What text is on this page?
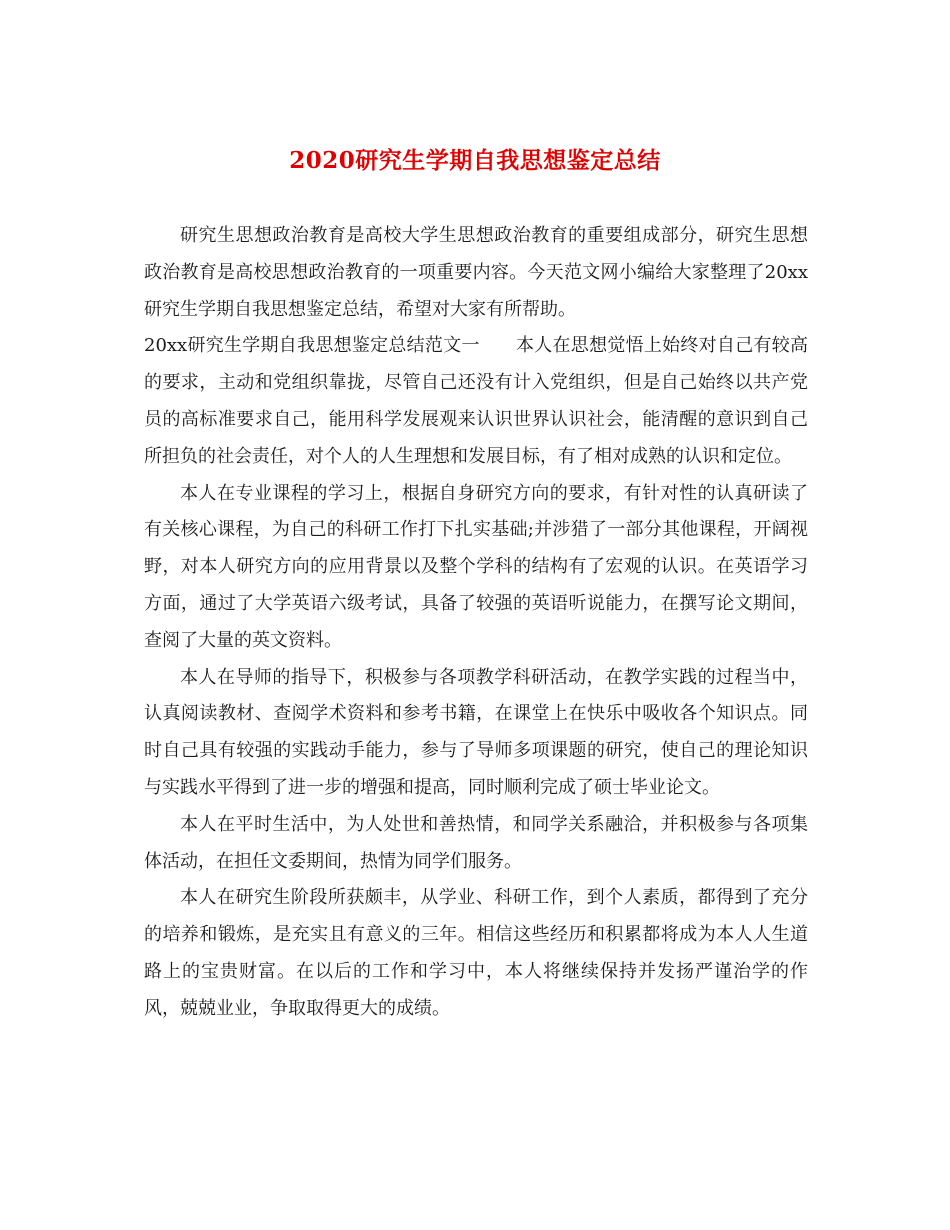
2020研究生学期自我思想鉴定总结

研究生思想政治教育是高校大学生思想政治教育的重要组成部分，研究生思想政治教育是高校思想政治教育的一项重要内容。今天范文网小编给大家整理了20xx研究生学期自我思想鉴定总结，希望对大家有所帮助。

20xx研究生学期自我思想鉴定总结范文一 本人在思想觉悟上始终对自己有较高的要求，主动和党组织靠拢，尽管自己还没有计入党组织，但是自己始终以共产党员的高标准要求自己，能用科学发展观来认识世界认识社会，能清醒的意识到自己所担负的社会责任，对个人的人生理想和发展目标，有了相对成熟的认识和定位。

本人在专业课程的学习上，根据自身研究方向的要求，有针对性的认真研读了有关核心课程，为自己的科研工作打下扎实基础;并涉猎了一部分其他课程，开阔视野，对本人研究方向的应用背景以及整个学科的结构有了宏观的认识。在英语学习方面，通过了大学英语六级考试，具备了较强的英语听说能力，在撰写论文期间，查阅了大量的英文资料。

本人在导师的指导下，积极参与各项教学科研活动，在教学实践的过程当中，认真阅读教材、查阅学术资料和参考书籍，在课堂上在快乐中吸收各个知识点。同时自己具有较强的实践动手能力，参与了导师多项课题的研究，使自己的理论知识与实践水平得到了进一步的增强和提高，同时顺利完成了硕士毕业论文。

本人在平时生活中，为人处世和善热情，和同学关系融洽，并积极参与各项集体活动，在担任文委期间，热情为同学们服务。

本人在研究生阶段所获颇丰，从学业、科研工作，到个人素质，都得到了充分的培养和锻炼，是充实且有意义的三年。相信这些经历和积累都将成为本人人生道路上的宝贵财富。在以后的工作和学习中，本人将继续保持并发扬严谨治学的作风，兢兢业业，争取取得更大的成绩。
